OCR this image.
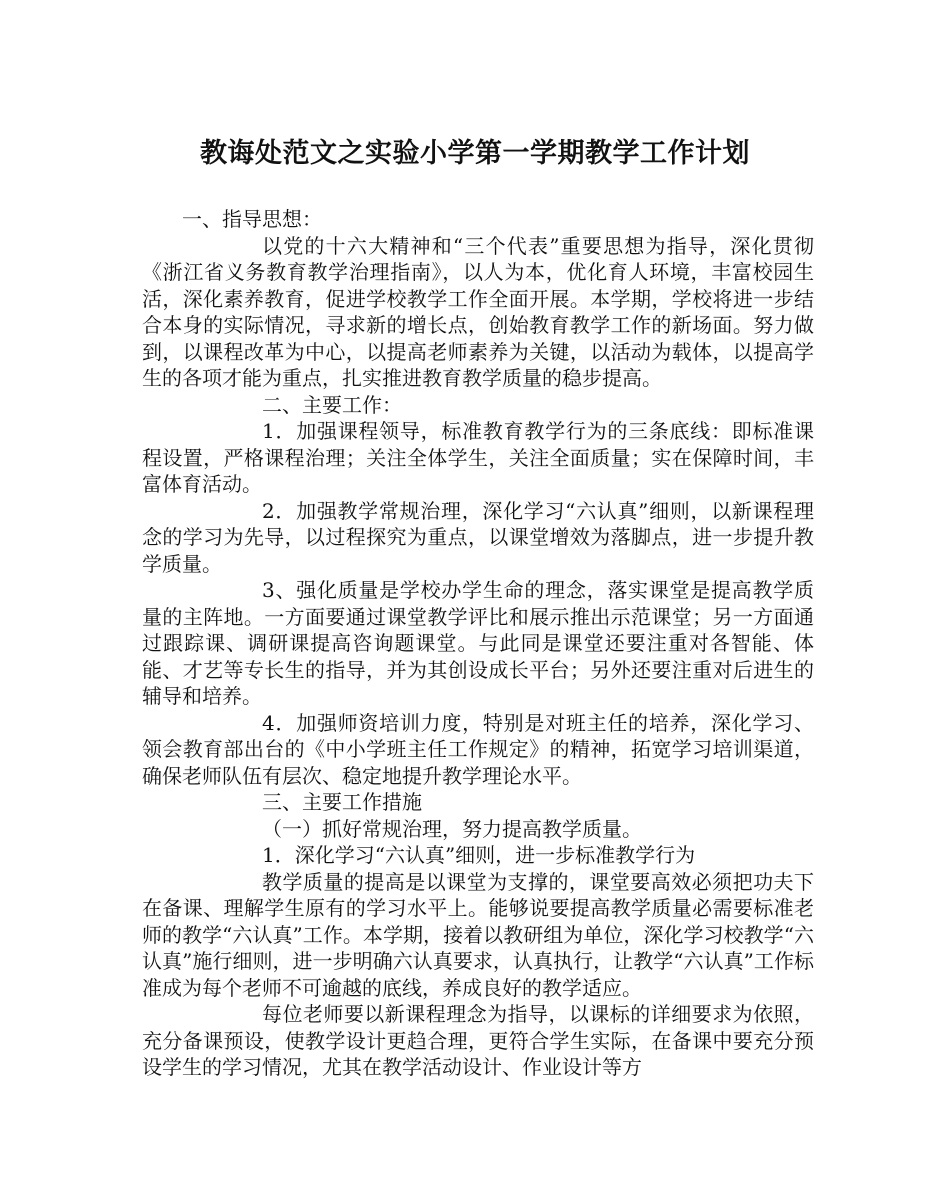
教诲处范文之实验小学第一学期教学工作计划

一、指导思想：

以党的十六大精神和“三个代表”重要思想为指导，深化贯彻《浙江省义务教育教学治理指南》，以人为本，优化育人环境，丰富校园生活，深化素养教育，促进学校教学工作全面开展。本学期，学校将进一步结合本身的实际情况，寻求新的增长点，创始教育教学工作的新场面。努力做到，以课程改革为中心，以提高老师素养为关键，以活动为载体，以提高学生的各项才能为重点，扎实推进教育教学质量的稳步提高。

二、主要工作：

1．加强课程领导，标准教育教学行为的三条底线：即标准课程设置，严格课程治理；关注全体学生，关注全面质量；实在保障时间，丰富体育活动。

2．加强教学常规治理，深化学习“六认真”细则，以新课程理念的学习为先导，以过程探究为重点，以课堂增效为落脚点，进一步提升教学质量。

3、强化质量是学校办学生命的理念，落实课堂是提高教学质量的主阵地。一方面要通过课堂教学评比和展示推出示范课堂；另一方面通过跟踪课、调研课提高咨询题课堂。与此同是课堂还要注重对各智能、体能、才艺等专长生的指导，并为其创设成长平台；另外还要注重对后进生的辅导和培养。

4．加强师资培训力度，特别是对班主任的培养，深化学习、领会教育部出台的《中小学班主任工作规定》的精神，拓宽学习培训渠道，确保老师队伍有层次、稳定地提升教学理论水平。

三、主要工作措施

（一）抓好常规治理，努力提高教学质量。

1．深化学习“六认真”细则，进一步标准教学行为

教学质量的提高是以课堂为支撑的，课堂要高效必须把功夫下在备课、理解学生原有的学习水平上。能够说要提高教学质量必需要标准老师的教学“六认真”工作。本学期，接着以教研组为单位，深化学习校教学“六认真”施行细则，进一步明确六认真要求，认真执行，让教学“六认真”工作标准成为每个老师不可逾越的底线，养成良好的教学适应。

每位老师要以新课程理念为指导，以课标的详细要求为依照，充分备课预设，使教学设计更趋合理，更符合学生实际，在备课中要充分预设学生的学习情况，尤其在教学活动设计、作业设计等方
